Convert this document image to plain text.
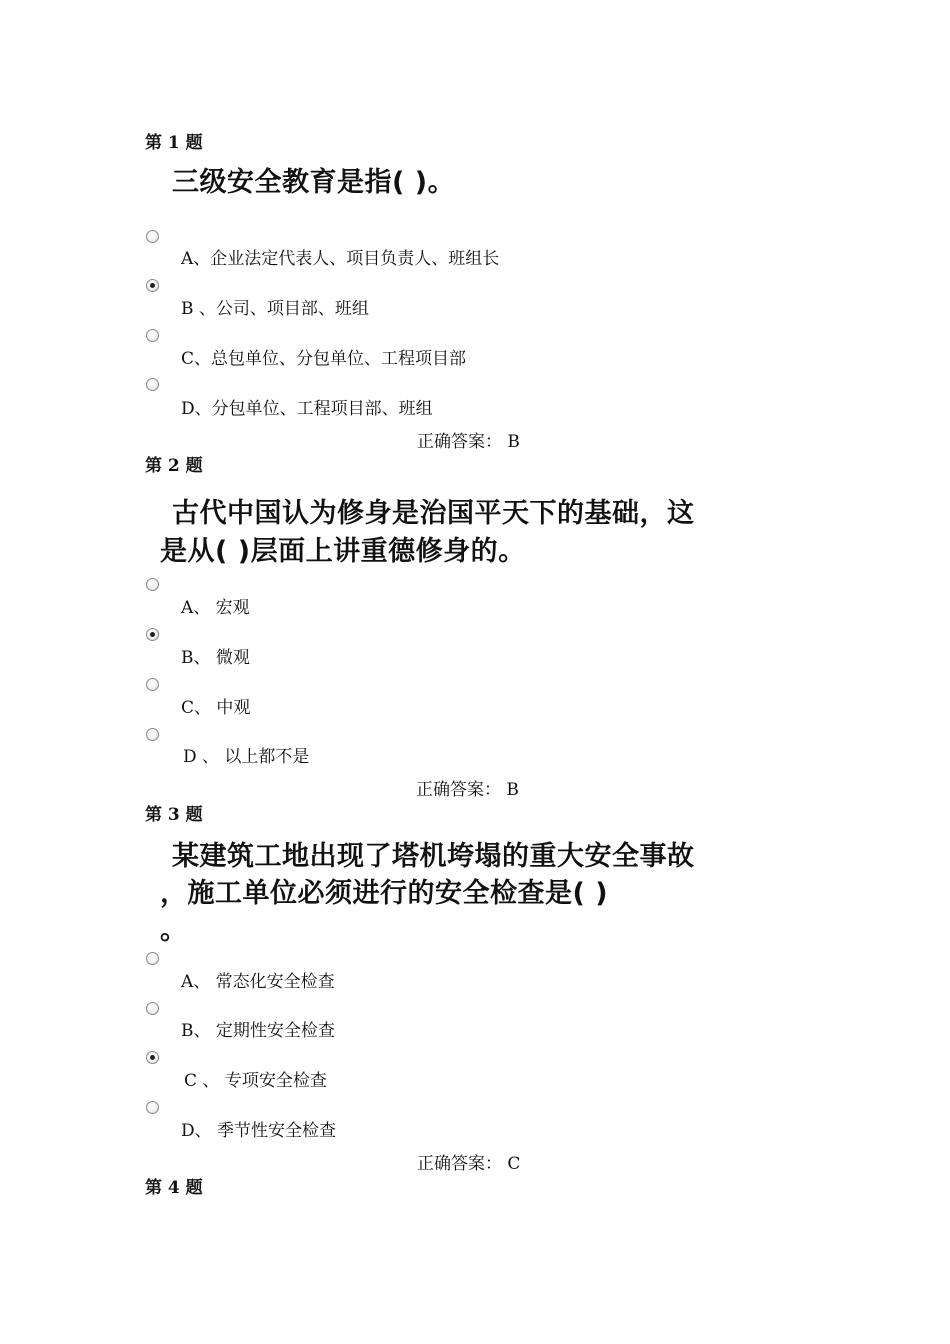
第 1 题
三级安全教育是指( )。
A、企业法定代表人、项目负责人、班组长
B 、公司、项目部、班组
C、总包单位、分包单位、工程项目部
D、分包单位、工程项目部、班组
正确答案： B
第 2 题
古代中国认为修身是治国平天下的基础，这
是从( )层面上讲重德修身的。
A、 宏观
B、 微观
C、 中观
D 、 以上都不是
正确答案： B
第 3 题
某建筑工地出现了塔机垮塌的重大安全事故
，施工单位必须进行的安全检查是( )
。
A、 常态化安全检查
B、 定期性安全检查
C 、 专项安全检查
D、 季节性安全检查
正确答案： C
第 4 题
